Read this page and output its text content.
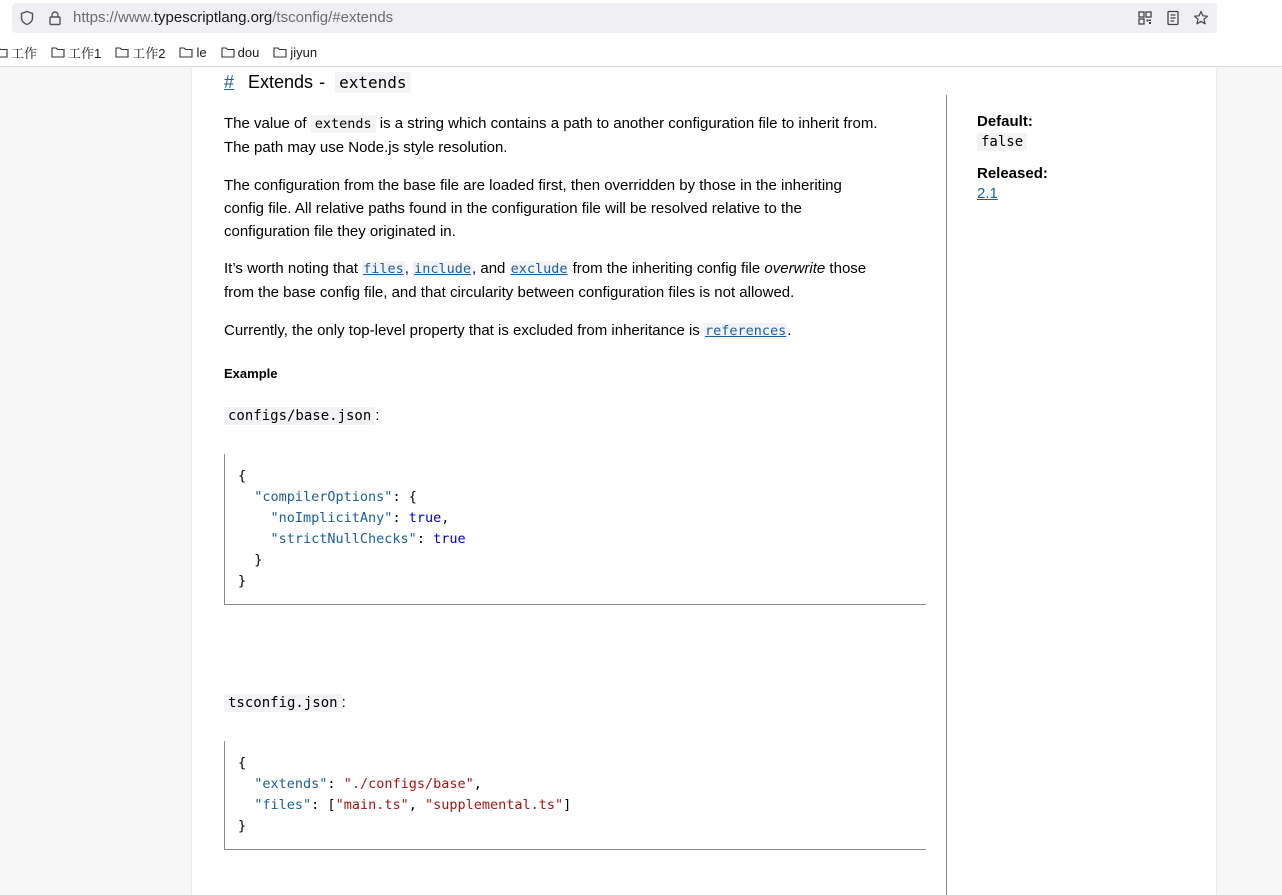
https://www.typescriptlang.org/tsconfig/#extends
工作 工作1 工作2 le dou jiyun
# Extends - extends

The value of extends is a string which contains a path to another configuration file to inherit from.
The path may use Node.js style resolution.

The configuration from the base file are loaded first, then overridden by those in the inheriting
config file. All relative paths found in the configuration file will be resolved relative to the
configuration file they originated in.

It’s worth noting that files, include, and exclude from the inheriting config file overwrite those
from the base config file, and that circularity between configuration files is not allowed.

Currently, the only top-level property that is excluded from inheritance is references.

Example
configs/base.json :
{
"compilerOptions": {
"noImplicitAny": true,
"strictNullChecks": true
}
}
tsconfig.json :
{
"extends": "./configs/base",
"files": ["main.ts", "supplemental.ts"]
}
Default:
false
Released:
2.1
